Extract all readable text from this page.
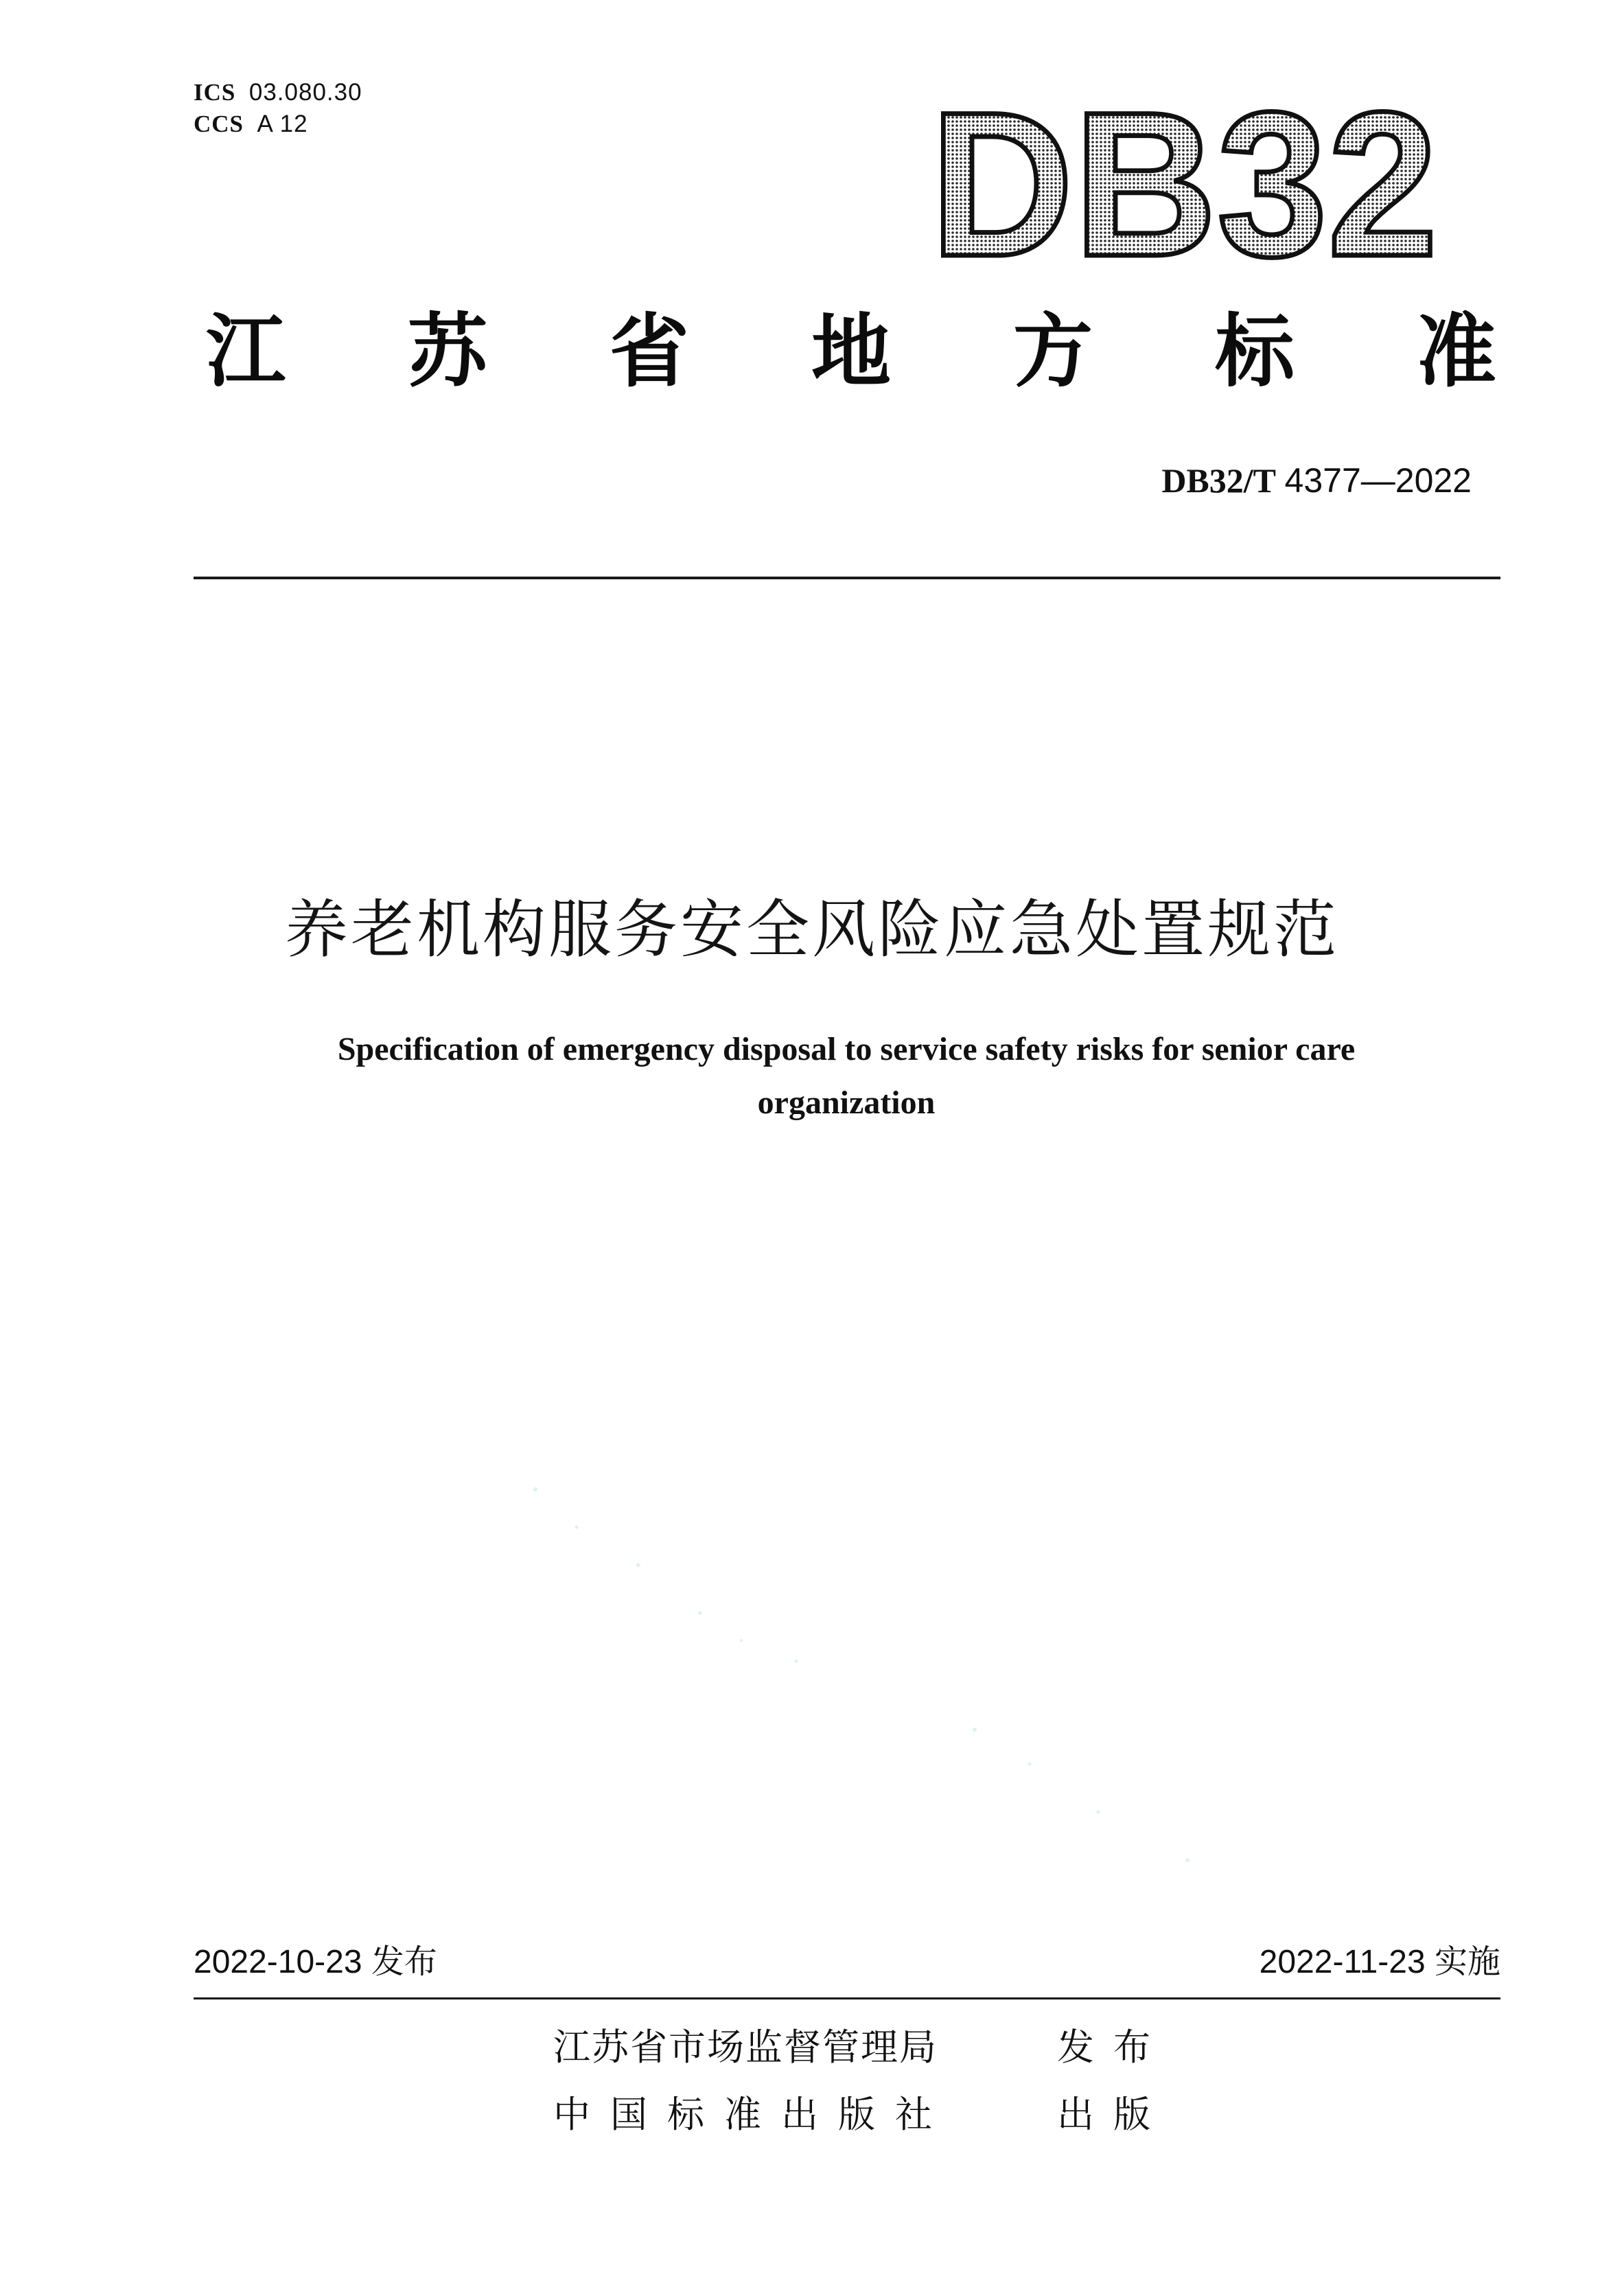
ICS 03.080.30
CCS A 12	DB32
江 苏 省 地 方 标 准
DB32/T 4377—2022
养老机构服务安全风险应急处置规范
Specification of emergency disposal to service safety risks for senior care
organization
2022-10-23 发布	2022-11-23 实施
江苏省市场监督管理局	发布
中国标准出版社	出版
